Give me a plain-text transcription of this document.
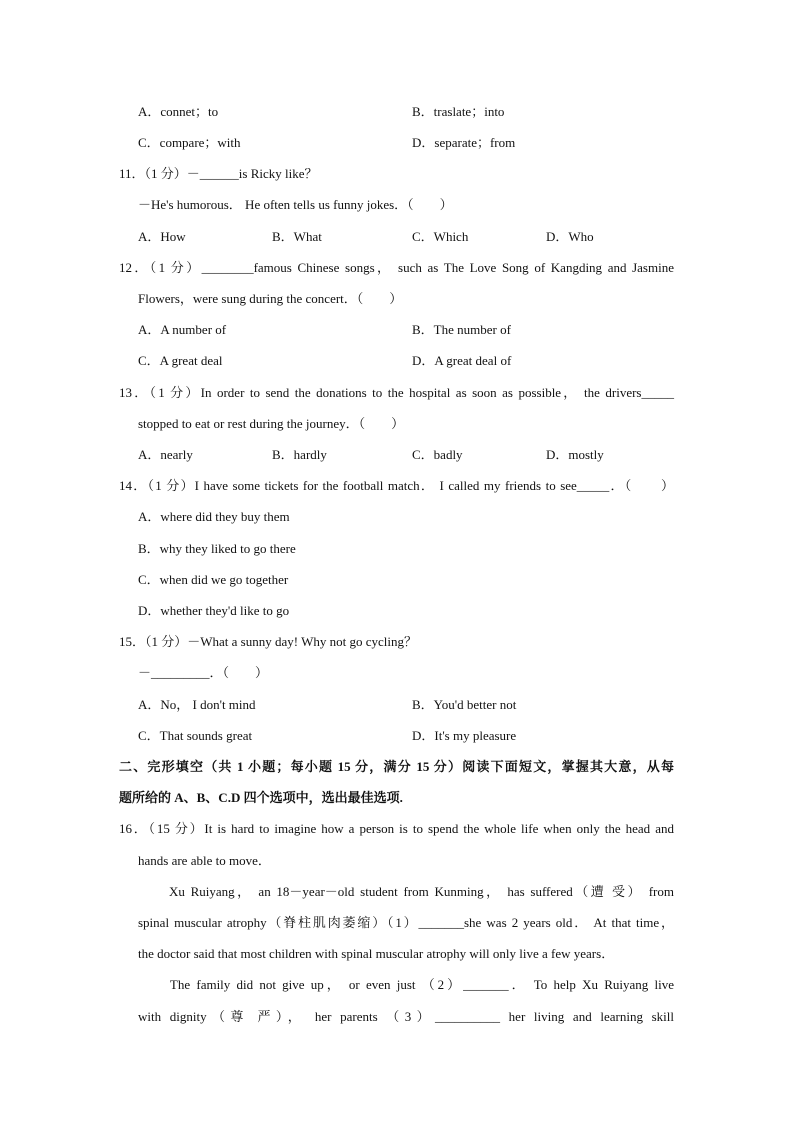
A．connet；to	B．traslate；into
C．compare；with	D．separate；from
11．（1 分）－______is Ricky like？
－He's humorous． He often tells us funny jokes．（　　）
A．How	B．What	C．Which	D．Who
12．（1 分）________famous Chinese songs， such as The Love Song of Kangding and Jasmine
Flowers，were sung during the concert．（　　）
A．A number of	B．The number of
C．A great deal	D．A great deal of
13．（1 分）In order to send the donations to the hospital as soon as possible， the drivers_____
stopped to eat or rest during the journey．（　　）
A．nearly	B．hardly	C．badly	D．mostly
14．（1 分）I have some tickets for the football match． I called my friends to see_____．（　　）
A．where did they buy them
B．why they liked to go there
C．when did we go together
D．whether they'd like to go
15．（1 分）－What a sunny day! Why not go cycling？
－_________．（　　）
A．No， I don't mind	B．You'd better not
C．That sounds great	D．It's my pleasure
二、完形填空（共 1 小题；每小题 15 分，满分 15 分）阅读下面短文，掌握其大意，从每
题所给的 A、B、C.D 四个选项中，选出最佳选项.
16．（15 分）It is hard to imagine how a person is to spend the whole life when only the head and
hands are able to move．
　　Xu Ruiyang， an 18－year－old student from Kunming， has suffered（遭 受） from
spinal muscular atrophy（脊柱肌肉萎缩）（1）_______she was 2 years old． At that time，
the doctor said that most children with spinal muscular atrophy will only live a few years．
　　The family did not give up， or even just （2）_______． To help Xu Ruiyang live
with dignity（尊 严）， her parents （3）__________ her living and learning skill
